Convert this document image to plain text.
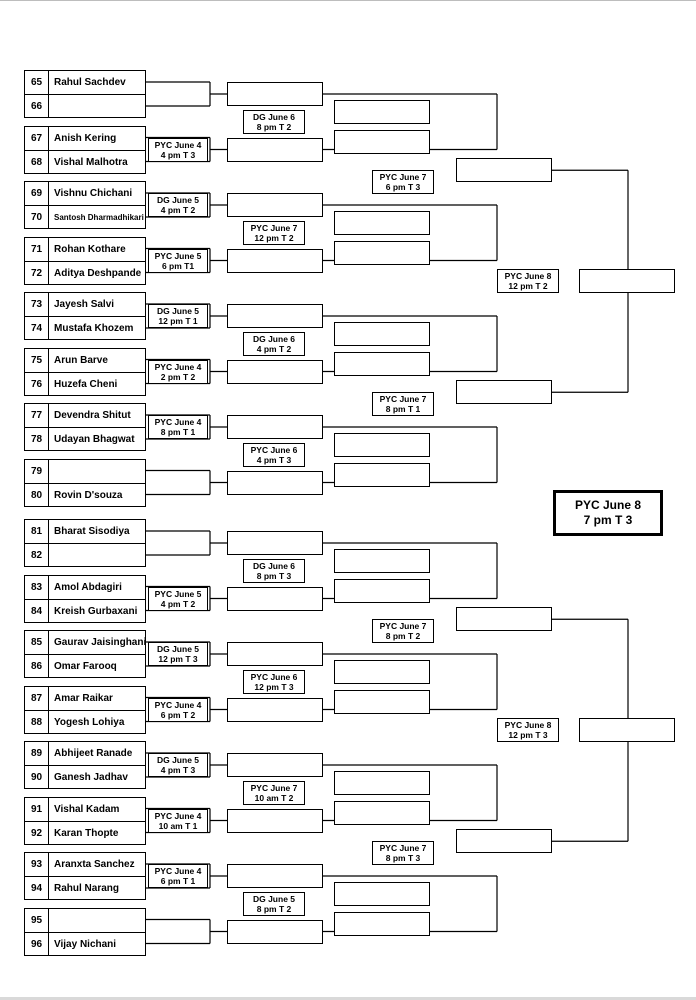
65	Rahul Sachdev
66
67	Anish Kering
68	Vishal Malhotra
PYC June 4
4 pm T 3
69	Vishnu Chichani
70	Santosh Dharmadhikari
DG June 5
4 pm T 2
71	Rohan Kothare
72	Aditya Deshpande
PYC June 5
6 pm T1
73	Jayesh Salvi
74	Mustafa Khozem
DG June 5
12 pm T 1
75	Arun Barve
76	Huzefa Cheni
PYC June 4
2 pm T 2
77	Devendra Shitut
78	Udayan Bhagwat
PYC June 4
8 pm T 1
79
80	Rovin D'souza
81	Bharat Sisodiya
82
83	Amol Abdagiri
84	Kreish Gurbaxani
PYC June 5
4 pm T 2
85	Gaurav Jaisinghani
86	Omar Farooq
DG June 5
12 pm T 3
87	Amar Raikar
88	Yogesh Lohiya
PYC June 4
6 pm T 2
89	Abhijeet Ranade
90	Ganesh Jadhav
DG June 5
4 pm T 3
91	Vishal Kadam
92	Karan Thopte
PYC June 4
10 am T 1
93	Aranxta Sanchez
94	Rahul Narang
PYC June 4
6 pm T 1
95
96	Vijay Nichani
DG June 6
8 pm T 2
PYC June 7
12 pm T 2
DG June 6
4 pm T 2
PYC June 6
4 pm T 3
DG June 6
8 pm T 3
PYC June 6
12 pm T 3
PYC June 7
10 am T 2
DG June 5
8 pm T 2
PYC June 7
6 pm T 3
PYC June 7
8 pm T 1
PYC June 7
8 pm T 2
PYC June 7
8 pm T 3
PYC June 8
12 pm T 2
PYC June 8
12 pm T 3
PYC June 8
7 pm T 3
